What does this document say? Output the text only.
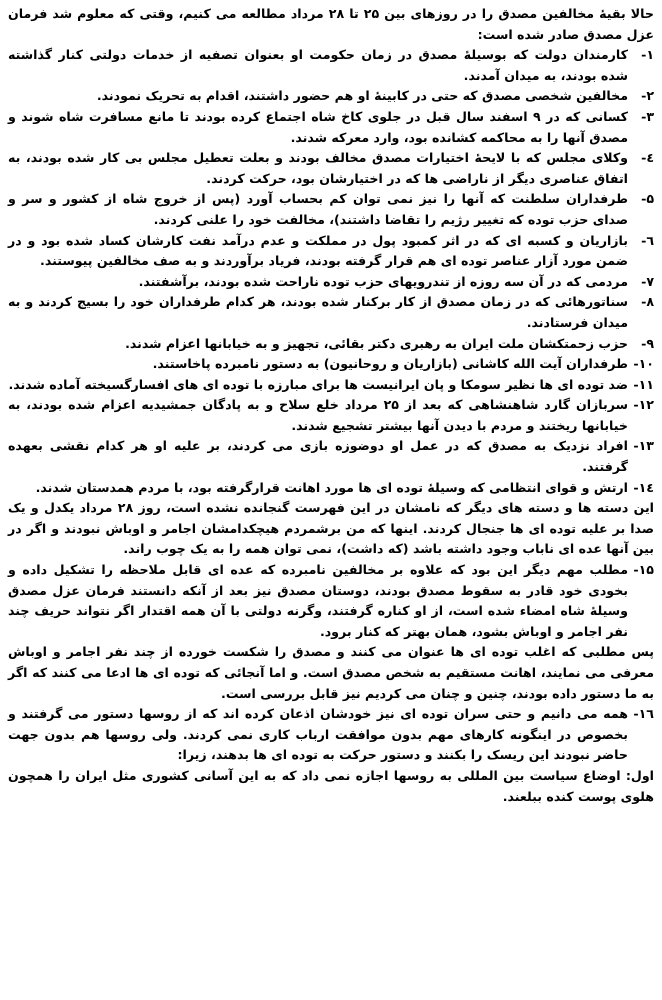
حالا بقیۀ مخالفین مصدق را در روزهای بین ۲۵ تا ۲۸ مرداد مطالعه می کنیم، وقتی که معلوم شد فرمان عزل مصدق صادر شده است:

۱-

کارمندان دولت که بوسیلۀ مصدق در زمان حکومت او بعنوان تصفیه از خدمات دولتی کنار گذاشته شده بودند، به میدان آمدند.

۲-

مخالفین شخصی مصدق که حتی در کابینۀ او هم حضور داشتند، اقدام به تحریک نمودند.

۳-

کسانی که در ۹ اسفند سال قبل در جلوی کاخ شاه اجتماع کرده بودند تا مانع مسافرت شاه شوند و مصدق آنها را به محاکمه کشانده بود، وارد معرکه شدند.

٤-

وکلای مجلس که با لایحۀ اختیارات مصدق مخالف بودند و بعلت تعطیل مجلس بی کار شده بودند، به اتفاق عناصری دیگر از ناراضی ها که در اختیارشان بود، حرکت کردند.

۵-

طرفداران سلطنت که آنها را نیز نمی توان کم بحساب آورد (پس از خروج شاه از کشور و سر و صدای حزب توده که تغییر رژیم را تقاضا داشتند)، مخالفت خود را علنی کردند.

٦-

بازاریان و کسبه ای که در اثر کمبود پول در مملکت و عدم درآمد نفت کارشان کساد شده بود و در ضمن مورد آزار عناصر توده ای هم قرار گرفته بودند، فریاد برآوردند و به صف مخالفین پیوستند.

۷-

مردمی که در آن سه روزه از تندرویهای حزب توده ناراحت شده بودند، برآشفتند.

۸-

سناتورهائی که در زمان مصدق از کار برکنار شده بودند، هر کدام طرفداران خود را بسیج کردند و به میدان فرستادند.

۹-

حزب زحمتکشان ملت ایران به رهبری دکتر بقائی، تجهیز و به خیابانها اعزام شدند.

۱۰-

طرفداران آیت الله کاشانی (بازاریان و روحانیون) به دستور نامبرده پاخاستند.

۱۱-

ضد توده ای ها نظیر سومکا و پان ایرانیست ها برای مبارزه با توده ای های افسارگسیخته آماده شدند.

۱۲-

سربازان گارد شاهنشاهی که بعد از ۲۵ مرداد خلع سلاح و به پادگان جمشیدیه اعزام شده بودند، به خیابانها ریختند و مردم با دیدن آنها بیشتر تشجیع شدند.

۱۳-

افراد نزدیک به مصدق که در عمل او دوضوزه بازی می کردند، بر علیه او هر کدام نقشی بعهده گرفتند.

۱٤-

ارتش و قوای انتظامی که وسیلۀ توده ای ها مورد اهانت قرارگرفته بود، با مردم همدستان شدند.

این دسته ها و دسته های دیگر که نامشان در این فهرست گنجانده نشده است، روز ۲۸ مرداد یکدل و یک صدا بر علیه توده ای ها جنجال کردند. اینها که من برشمردم هیچکدامشان اجامر و اوباش نبودند و اگر در بین آنها عده ای ناباب وجود داشته باشد (که داشت)، نمی توان همه را به یک چوب راند.

۱۵-

مطلب مهم دیگر این بود که علاوه بر مخالفین نامبرده که عده ای قابل ملاحظه را تشکیل داده و بخودی خود قادر به سقوط مصدق بودند، دوستان مصدق نیز بعد از آنکه دانستند فرمان عزل مصدق وسیلۀ شاه امضاء شده است، از او کناره گرفتند، وگرنه دولتی با آن همه اقتدار اگر نتواند حریف چند نفر اجامر و اوباش بشود، همان بهتر که کنار برود.

پس مطلبی که اغلب توده ای ها عنوان می کنند و مصدق را شکست خورده از چند نفر اجامر و اوباش معرفی می نمایند، اهانت مستقیم به شخص مصدق است. و اما آنجائی که توده ای ها ادعا می کنند که اگر به ما دستور داده بودند، چنین و چنان می کردیم نیز قابل بررسی است.

۱٦-

همه می دانیم و حتی سران توده ای نیز خودشان اذعان کرده اند که از روسها دستور می گرفتند و بخصوص در اینگونه کارهای مهم بدون موافقت ارباب کاری نمی کردند. ولی روسها هم بدون جهت حاضر نبودند این ریسک را بکنند و دستور حرکت به توده ای ها بدهند، زیرا:

اول: اوضاع سیاست بین المللی به روسها اجازه نمی داد که به این آسانی کشوری مثل ایران را همچون هلوی پوست کنده ببلعند.
